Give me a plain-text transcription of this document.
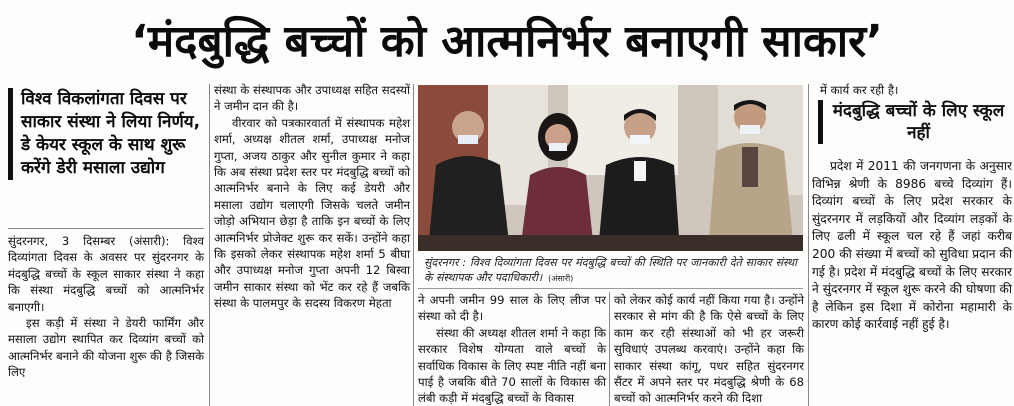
‘मंदबुद्धि बच्चों को आत्मनिर्भर बनाएगी साकार’
विश्व विकलांगता दिवस पर साकार संस्था ने लिया निर्णय, डे केयर स्कूल के साथ शुरू करेंगे डेरी मसाला उद्योग

सुंदरनगर, 3 दिसम्बर (अंसारी): विश्व दिव्यांगता दिवस के अवसर पर सुंदरनगर के मंदबुद्धि बच्चों के स्कूल साकार संस्था ने कहा कि संस्था मंदबुद्धि बच्चों को आत्मनिर्भर बनाएगी।

इस कड़ी में संस्था ने डेयरी फार्मिंग और मसाला उद्योग स्थापित कर दिव्यांग बच्चों को आत्मनिर्भर बनाने की योजना शुरू की है जिसके लिए

संस्था के संस्थापक और उपाध्यक्ष सहित सदस्यों ने जमीन दान की है।

वीरवार को पत्रकारवार्ता में संस्थापक महेश शर्मा, अध्यक्ष शीतल शर्मा, उपाध्यक्ष मनोज गुप्ता, अजय ठाकुर और सुनील कुमार ने कहा कि अब संस्था प्रदेश स्तर पर मंदबुद्धि बच्चों को आत्मनिर्भर बनाने के लिए कई डेयरी और मसाला उद्योग चलाएगी जिसके चलते जमीन जोड़ो अभियान छेड़ा है ताकि इन बच्चों के लिए आत्मनिर्भर प्रोजेक्ट शुरू कर सकें। उन्होंने कहा कि इसको लेकर संस्थापक महेश शर्मा 5 बीघा और उपाध्यक्ष मनोज गुप्ता अपनी 12 बिस्वा जमीन साकार संस्था को भेंट कर रहे हैं जबकि संस्था के पालमपुर के सदस्य विकरण मेहता

सुंदरनगर : विश्व दिव्यांगता दिवस पर मंदबुद्धि बच्चों की स्थिति पर जानकारी देते साकार संस्था के संस्थापक और पदाधिकारी। (अंसारी)

ने अपनी जमीन 99 साल के लिए लीज पर संस्था को दी है।

संस्था की अध्यक्ष शीतल शर्मा ने कहा कि सरकार विशेष योग्यता वाले बच्चों के सर्वाधिक विकास के लिए स्पष्ट नीति नहीं बना पाई है जबकि बीते 70 सालों के विकास की लंबी कड़ी में मंदबुद्धि बच्चों के विकास

को लेकर कोई कार्य नहीं किया गया है। उन्होंने सरकार से मांग की है कि ऐसे बच्चों के लिए काम कर रही संस्थाओं को भी हर जरूरी सुविधाएं उपलब्ध करवाएं। उन्होंने कहा कि साकार संस्था कांगू, पधर सहित सुंदरनगर सैंटर में अपने स्तर पर मंदबुद्धि श्रेणी के 68 बच्चों को आत्मनिर्भर करने की दिशा

में कार्य कर रही है।
मंदबुद्धि बच्चों के लिए स्कूल नहीं

प्रदेश में 2011 की जनगणना के अनुसार विभिन्न श्रेणी के 8986 बच्चे दिव्यांग हैं। दिव्यांग बच्चों के लिए प्रदेश सरकार के सुंदरनगर में लड़कियों और दिव्यांग लड़कों के लिए ढली में स्कूल चल रहे हैं जहां करीब 200 की संख्या में बच्चों को सुविधा प्रदान की गई है। प्रदेश में मंदबुद्धि बच्चों के लिए सरकार ने सुंदरनगर में स्कूल शुरू करने की घोषणा की है लेकिन इस दिशा में कोरोना महामारी के कारण कोई कार्रवाई नहीं हुई है।
